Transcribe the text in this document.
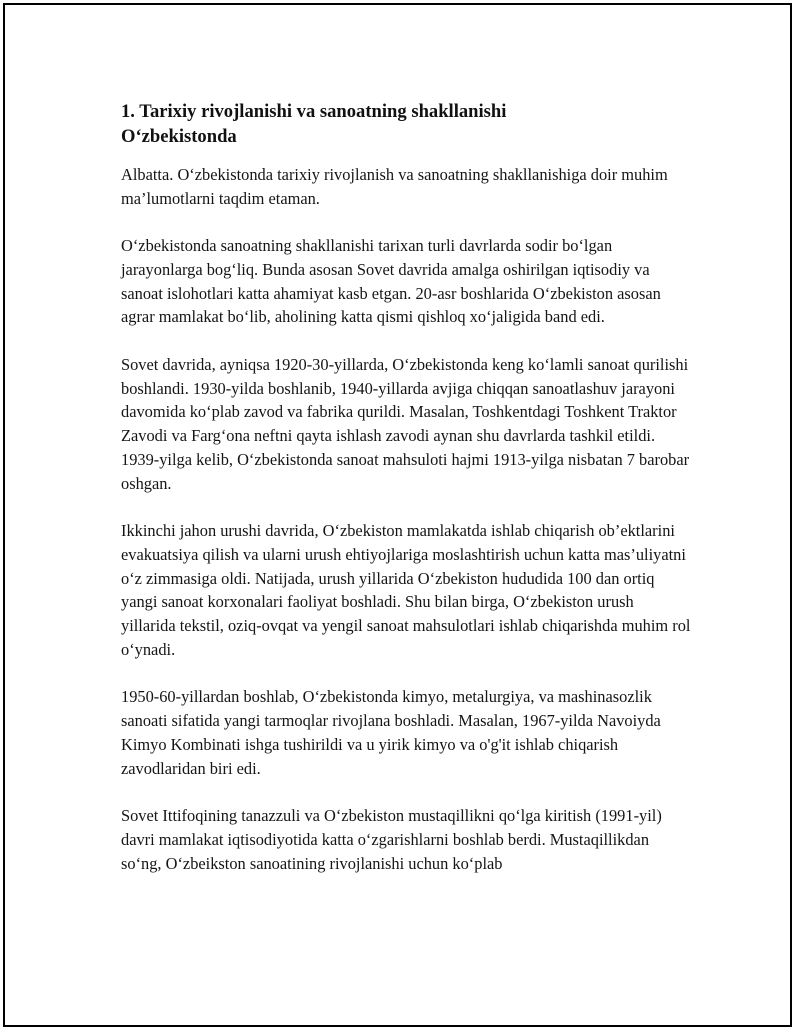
1. Tarixiy rivojlanishi va sanoatning shakllanishi
O‘zbekistonda

Albatta. O‘zbekistonda tarixiy rivojlanish va sanoatning shakllanishiga doir muhim ma’lumotlarni taqdim etaman.

O‘zbekistonda sanoatning shakllanishi tarixan turli davrlarda sodir bo‘lgan jarayonlarga bog‘liq. Bunda asosan Sovet davrida amalga oshirilgan iqtisodiy va sanoat islohotlari katta ahamiyat kasb etgan. 20-asr boshlarida O‘zbekiston asosan agrar mamlakat bo‘lib, aholining katta qismi qishloq xo‘jaligida band edi.

Sovet davrida, ayniqsa 1920-30-yillarda, O‘zbekistonda keng ko‘lamli sanoat qurilishi boshlandi. 1930-yilda boshlanib, 1940-yillarda avjiga chiqqan sanoatlashuv jarayoni davomida ko‘plab zavod va fabrika qurildi. Masalan, Toshkentdagi Toshkent Traktor Zavodi va Farg‘ona neftni qayta ishlash zavodi aynan shu davrlarda tashkil etildi. 1939-yilga kelib, O‘zbekistonda sanoat mahsuloti hajmi 1913-yilga nisbatan 7 barobar oshgan.

Ikkinchi jahon urushi davrida, O‘zbekiston mamlakatda ishlab chiqarish ob’ektlarini evakuatsiya qilish va ularni urush ehtiyojlariga moslashtirish uchun katta mas’uliyatni o‘z zimmasiga oldi. Natijada, urush yillarida O‘zbekiston hududida 100 dan ortiq yangi sanoat korxonalari faoliyat boshladi. Shu bilan birga, O‘zbekiston urush yillarida tekstil, oziq-ovqat va yengil sanoat mahsulotlari ishlab chiqarishda muhim rol o‘ynadi.

1950-60-yillardan boshlab, O‘zbekistonda kimyo, metalurgiya, va mashinasozlik sanoati sifatida yangi tarmoqlar rivojlana boshladi. Masalan, 1967-yilda Navoiyda Kimyo Kombinati ishga tushirildi va u yirik kimyo va o'g'it ishlab chiqarish zavodlaridan biri edi.

Sovet Ittifoqining tanazzuli va O‘zbekiston mustaqillikni qo‘lga kiritish (1991-yil) davri mamlakat iqtisodiyotida katta o‘zgarishlarni boshlab berdi. Mustaqillikdan so‘ng, O‘zbeikston sanoatining rivojlanishi uchun ko‘plab
